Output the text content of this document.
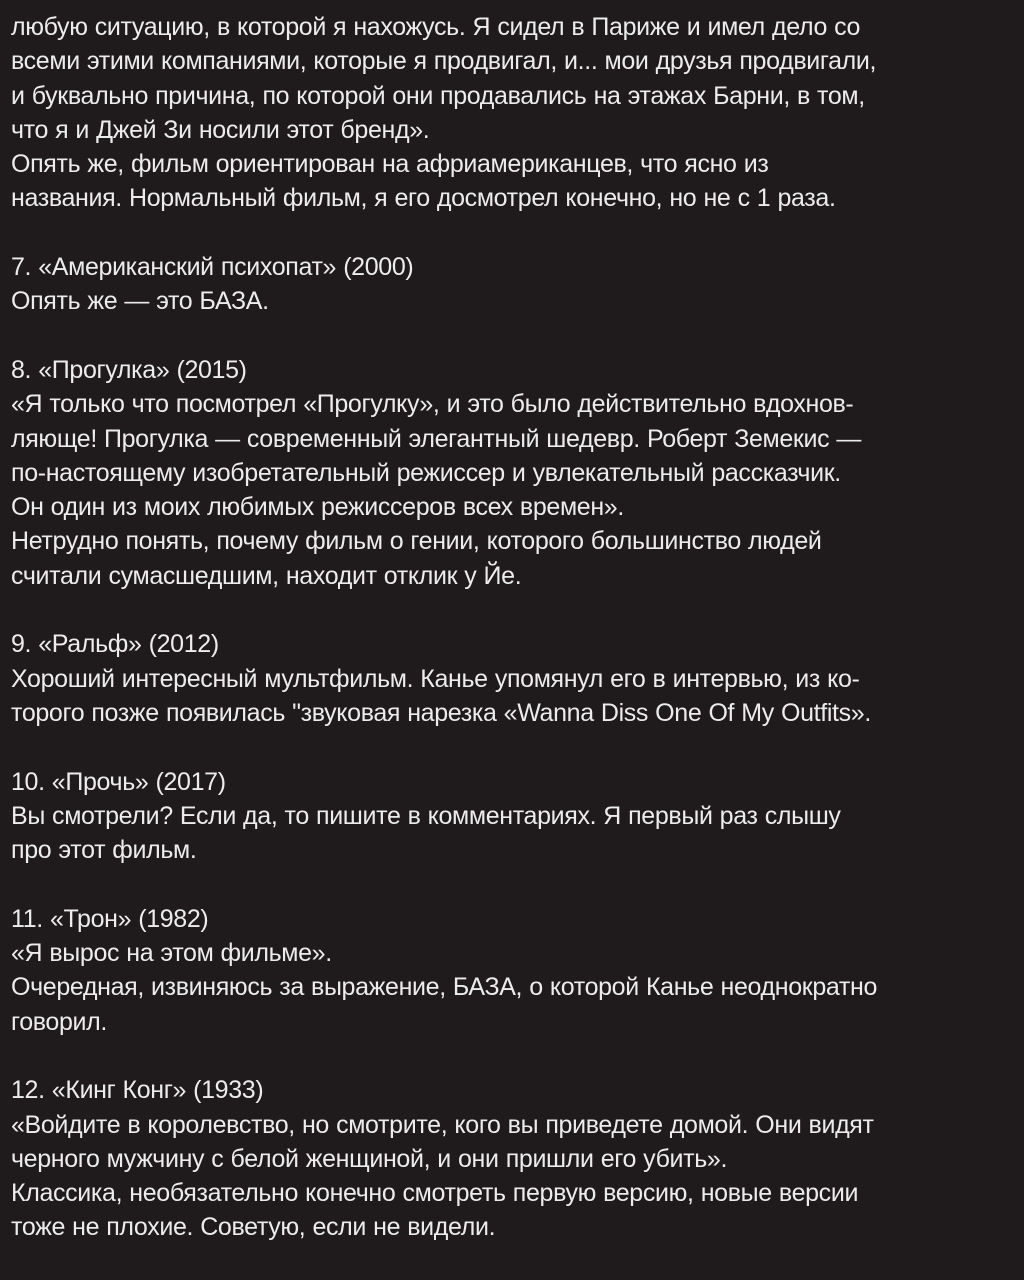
любую ситуацию, в которой я нахожусь. Я сидел в Париже и имел дело со
всеми этими компаниями, которые я продвигал, и... мои друзья продвигали,
и буквально причина, по которой они продавались на этажах Барни, в том,
что я и Джей Зи носили этот бренд».
Опять же, фильм ориентирован на африамериканцев, что ясно из
названия. Нормальный фильм, я его досмотрел конечно, но не с 1 раза.
7. «Американский психопат» (2000)
Опять же — это БАЗА.
8. «Прогулка» (2015)
«Я только что посмотрел «Прогулку», и это было действительно вдохнов-
ляюще! Прогулка — современный элегантный шедевр. Роберт Земекис —
по-настоящему изобретательный режиссер и увлекательный рассказчик.
Он один из моих любимых режиссеров всех времен».
Нетрудно понять, почему фильм о гении, которого большинство людей
считали сумасшедшим, находит отклик у Йе.
9. «Ральф» (2012)
Хороший интересный мультфильм. Канье упомянул его в интервью, из ко-
торого позже появилась "звуковая нарезка «Wanna Diss One Of My Outfits».
10. «Прочь» (2017)
Вы смотрели? Если да, то пишите в комментариях. Я первый раз слышу
про этот фильм.
11. «Трон» (1982)
«Я вырос на этом фильме».
Очередная, извиняюсь за выражение, БАЗА, о которой Канье неоднократно
говорил.
12. «Кинг Конг» (1933)
«Войдите в королевство, но смотрите, кого вы приведете домой. Они видят
черного мужчину с белой женщиной, и они пришли его убить».
Классика, необязательно конечно смотреть первую версию, новые версии
тоже не плохие. Советую, если не видели.
